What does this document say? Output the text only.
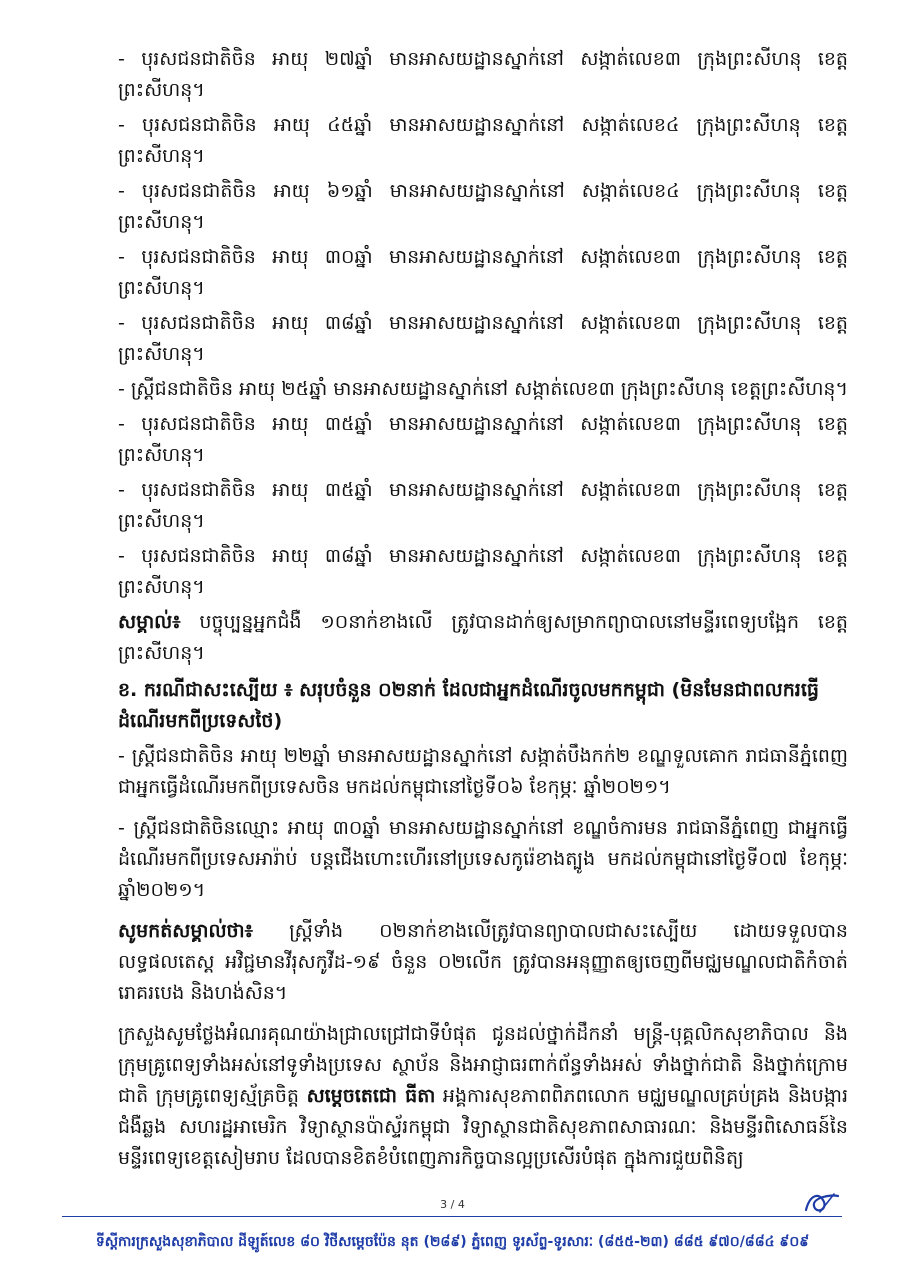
- បុរសជនជាតិចិន អាយុ ២៧ឆ្នាំ មានអាសយដ្ឋានស្នាក់នៅ សង្កាត់លេខ៣ ក្រុងព្រះសីហនុ ខេត្តព្រះសីហនុ។

- បុរសជនជាតិចិន អាយុ ៤៥ឆ្នាំ មានអាសយដ្ឋានស្នាក់នៅ សង្កាត់លេខ៤ ក្រុងព្រះសីហនុ ខេត្តព្រះសីហនុ។

- បុរសជនជាតិចិន អាយុ ៦១ឆ្នាំ មានអាសយដ្ឋានស្នាក់នៅ សង្កាត់លេខ៤ ក្រុងព្រះសីហនុ ខេត្តព្រះសីហនុ។

- បុរសជនជាតិចិន អាយុ ៣០ឆ្នាំ មានអាសយដ្ឋានស្នាក់នៅ សង្កាត់លេខ៣ ក្រុងព្រះសីហនុ ខេត្តព្រះសីហនុ។

- បុរសជនជាតិចិន អាយុ ៣៨ឆ្នាំ មានអាសយដ្ឋានស្នាក់នៅ សង្កាត់លេខ៣ ក្រុងព្រះសីហនុ ខេត្តព្រះសីហនុ។

- ស្ត្រីជនជាតិចិន អាយុ ២៥ឆ្នាំ មានអាសយដ្ឋានស្នាក់នៅ សង្កាត់លេខ៣ ក្រុងព្រះសីហនុ ខេត្តព្រះសីហនុ។

- បុរសជនជាតិចិន អាយុ ៣៥ឆ្នាំ មានអាសយដ្ឋានស្នាក់នៅ សង្កាត់លេខ៣ ក្រុងព្រះសីហនុ ខេត្តព្រះសីហនុ។

- បុរសជនជាតិចិន អាយុ ៣៥ឆ្នាំ មានអាសយដ្ឋានស្នាក់នៅ សង្កាត់លេខ៣ ក្រុងព្រះសីហនុ ខេត្តព្រះសីហនុ។

- បុរសជនជាតិចិន អាយុ ៣៨ឆ្នាំ មានអាសយដ្ឋានស្នាក់នៅ សង្កាត់លេខ៣ ក្រុងព្រះសីហនុ ខេត្តព្រះសីហនុ។

សម្គាល់៖ បច្ចុប្បន្នអ្នកជំងឺ ១០នាក់ខាងលើ ត្រូវបានដាក់ឲ្យសម្រាកព្យាបាលនៅមន្ទីរពេទ្យបង្អែក ខេត្តព្រះសីហនុ។

ខ. ករណីជាសះស្បើយ ៖ សរុបចំនួន ០២នាក់ ដែលជាអ្នកដំណើរចូលមកកម្ពុជា (មិនមែនជាពលករធ្វើដំណើរមកពីប្រទេសថៃ)

- ស្ត្រីជនជាតិចិន អាយុ ២២ឆ្នាំ មានអាសយដ្ឋានស្នាក់នៅ សង្កាត់បឹងកក់២ ខណ្ឌទួលគោក រាជធានីភ្នំពេញ ជាអ្នកធ្វើដំណើរមកពីប្រទេសចិន មកដល់កម្ពុជានៅថ្ងៃទី០៦ ខែកុម្ភៈ ឆ្នាំ២០២១។

- ស្ត្រីជនជាតិចិនឈ្មោះ អាយុ ៣០ឆ្នាំ មានអាសយដ្ឋានស្នាក់នៅ ខណ្ឌចំការមន រាជធានីភ្នំពេញ ជាអ្នកធ្វើដំណើរមកពីប្រទេសអារ៉ាប់ បន្តជើងហោះហើរនៅប្រទេសកូរ៉េខាងត្បូង មកដល់កម្ពុជានៅថ្ងៃទី០៧ ខែកុម្ភៈ ឆ្នាំ២០២១។

សូមកត់សម្គាល់ថា៖ ស្ត្រីទាំង ០២នាក់ខាងលើត្រូវបានព្យាបាលជាសះស្បើយ ដោយទទួលបានលទ្ធផលតេស្ត អវិជ្ជមានវីរុសកូវីដ-១៩ ចំនួន ០២លើក ត្រូវបានអនុញ្ញាតឲ្យចេញពីមជ្ឈមណ្ឌលជាតិកំចាត់រោគរបេង និងហង់សិន។

ក្រសួងសូមថ្លែងអំណរគុណយ៉ាងជ្រាលជ្រៅជាទីបំផុត ជូនដល់ថ្នាក់ដឹកនាំ មន្ត្រី-បុគ្គលិកសុខាភិបាល និងក្រុមគ្រូពេទ្យទាំងអស់នៅទូទាំងប្រទេស ស្ថាប័ន និងអាជ្ញាធរពាក់ព័ន្ធទាំងអស់ ទាំងថ្នាក់ជាតិ និងថ្នាក់ក្រោមជាតិ ក្រុមគ្រូពេទ្យស្ម័គ្រចិត្ត សម្តេចតេជោ ធីតា អង្គការសុខភាពពិភពលោក មជ្ឈមណ្ឌលគ្រប់គ្រង និងបង្ការជំងឺឆ្លង សហរដ្ឋអាមេរិក វិទ្យាស្ថានប៉ាស្ទ័រកម្ពុជា វិទ្យាស្ថានជាតិសុខភាពសាធារណៈ និងមន្ទីរពិសោធន៍នៃមន្ទីរពេទ្យខេត្តសៀមរាប ដែលបានខិតខំបំពេញភារកិច្ចបានល្អប្រសើរបំផុត ក្នុងការជួយពិនិត្យ

3 / 4
ទីស្តីការក្រសួងសុខាភិបាល ដីឡូត៍លេខ ៨០ វិថីសម្តេចប៉ែន នុត (២៨៩) ភ្នំពេញ ទូរស័ព្ទ-ទូរសារៈ (៨៥៥-២៣) ៨៨៥ ៩៧០/៨៨៤ ៩០៩
